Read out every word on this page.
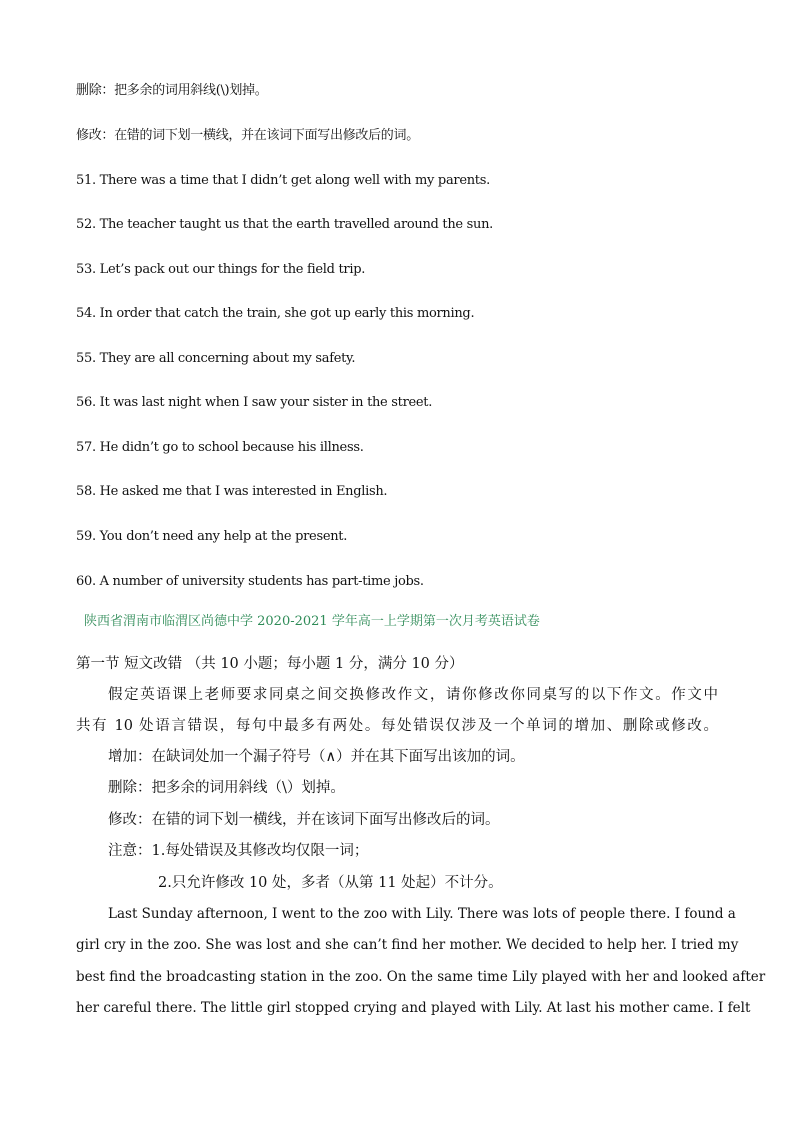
删除：把多余的词用斜线(\)划掉。
修改：在错的词下划一横线，并在该词下面写出修改后的词。
51. There was a time that I didn’t get along well with my parents.
52. The teacher taught us that the earth travelled around the sun.
53. Let’s pack out our things for the field trip.
54. In order that catch the train, she got up early this morning.
55. They are all concerning about my safety.
56. It was last night when I saw your sister in the street.
57. He didn’t go to school because his illness.
58. He asked me that I was interested in English.
59. You don’t need any help at the present.
60. A number of university students has part-time jobs.
陕西省渭南市临渭区尚德中学 2020-2021 学年高一上学期第一次月考英语试卷
第一节 短文改错 （共 10 小题；每小题 1 分，满分 10 分）
假定英语课上老师要求同桌之间交换修改作文，请你修改你同桌写的以下作文。作文中
共有 10 处语言错误，每句中最多有两处。每处错误仅涉及一个单词的增加、删除或修改。
增加：在缺词处加一个漏子符号（∧）并在其下面写出该加的词。
删除：把多余的词用斜线（\）划掉。
修改：在错的词下划一横线，并在该词下面写出修改后的词。
注意：1.每处错误及其修改均仅限一词；
2.只允许修改 10 处，多者（从第 11 处起）不计分。
Last Sunday afternoon, I went to the zoo with Lily. There was lots of people there. I found a
girl cry in the zoo. She was lost and she can’t find her mother. We decided to help her. I tried my
best find the broadcasting station in the zoo. On the same time Lily played with her and looked after
her careful there. The little girl stopped crying and played with Lily. At last his mother came. I felt
